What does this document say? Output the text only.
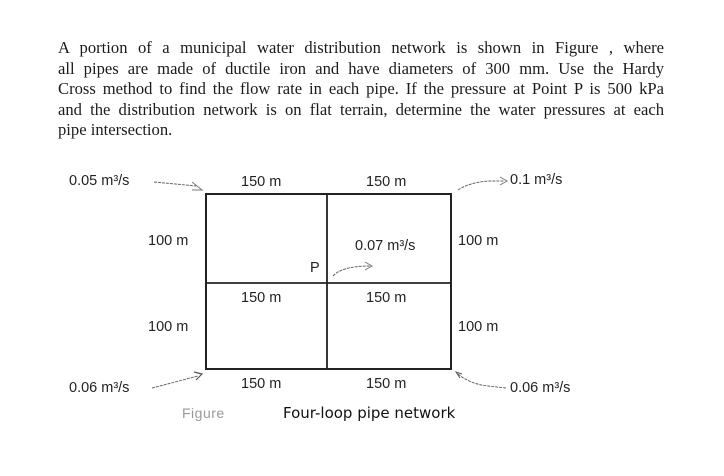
A portion of a municipal water distribution network is shown in Figure , where
all pipes are made of ductile iron and have diameters of 300 mm. Use the Hardy
Cross method to find the flow rate in each pipe. If the pressure at Point P is 500 kPa
and the distribution network is on flat terrain, determine the water pressures at each
pipe intersection.

0.05 m³/s	150 m	150 m	0.1 m³/s
100 m	0.07 m³/s	100 m
P
150 m	150 m
100 m	100 m
0.06 m³/s	150 m	150 m	0.06 m³/s
Figure	Four-loop pipe network
